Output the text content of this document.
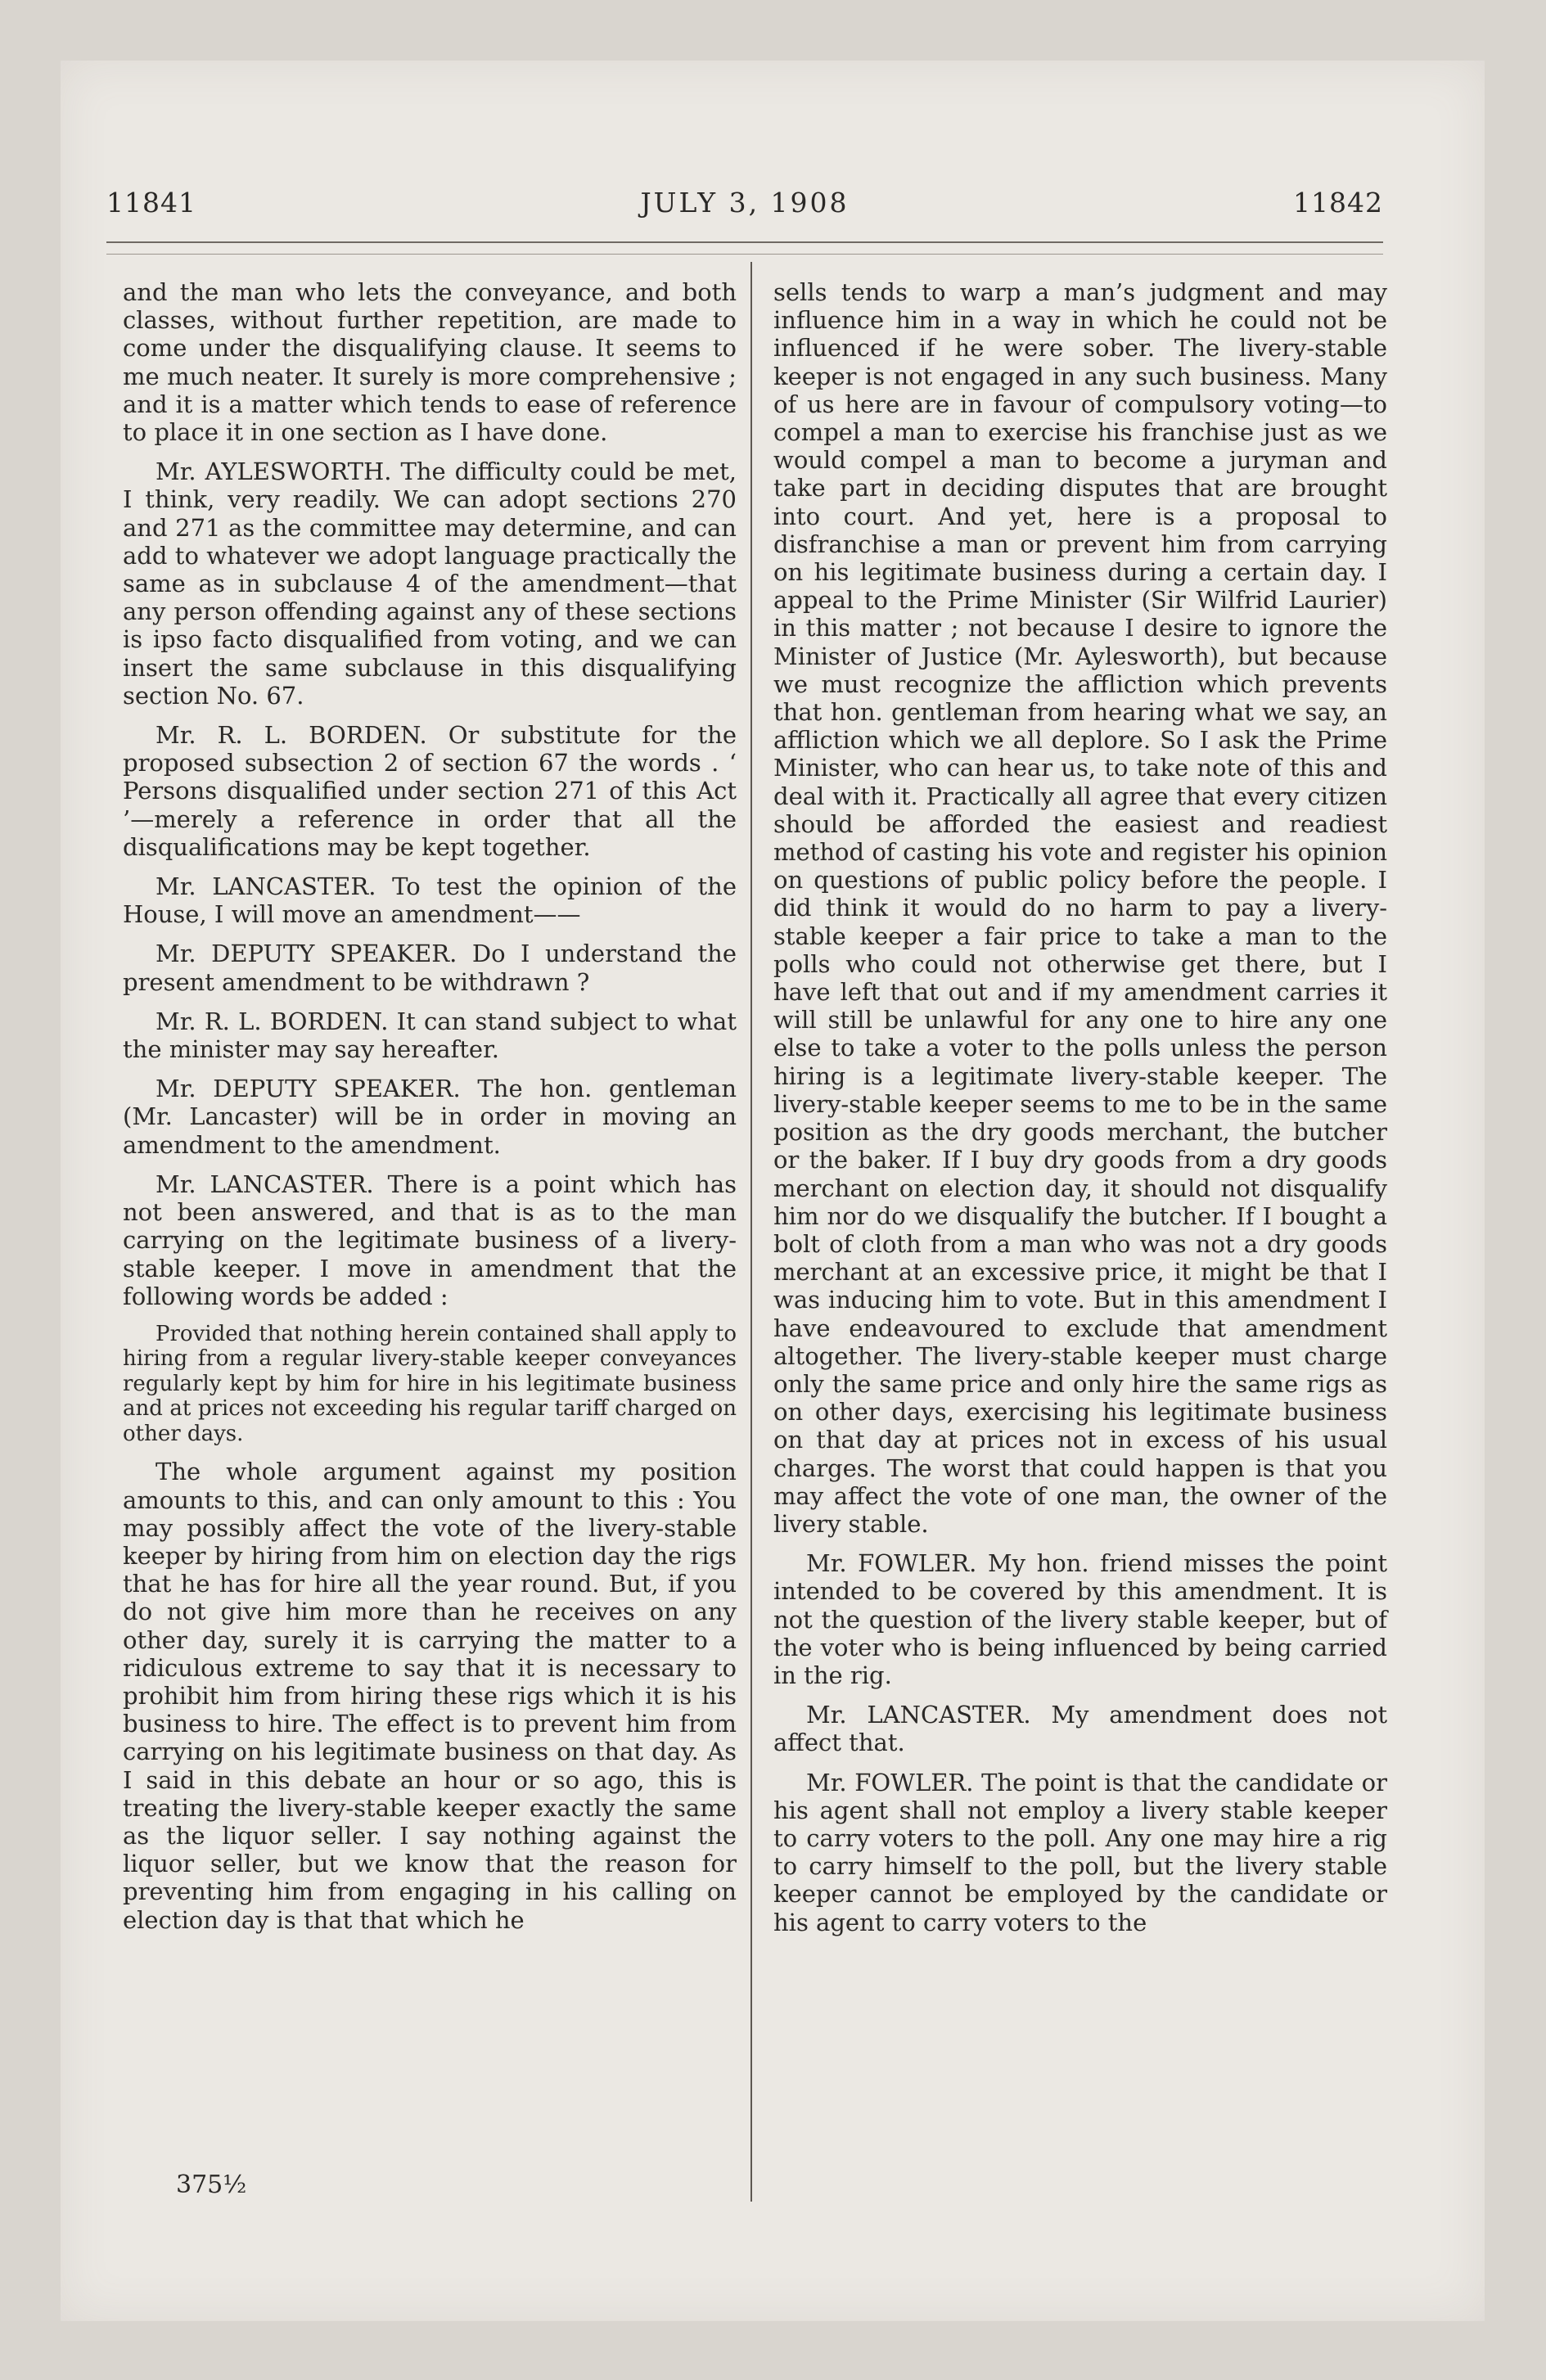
11841	JULY 3, 1908	11842

and the man who lets the conveyance, and both classes, without further repetition, are made to come under the disqualifying clause. It seems to me much neater. It surely is more comprehensive ; and it is a matter which tends to ease of reference to place it in one section as I have done.

Mr. AYLESWORTH. The difficulty could be met, I think, very readily. We can adopt sections 270 and 271 as the committee may determine, and can add to whatever we adopt language practically the same as in subclause 4 of the amendment—that any person offending against any of these sections is ipso facto disqualified from voting, and we can insert the same subclause in this disqualifying section No. 67.

Mr. R. L. BORDEN. Or substitute for the proposed subsection 2 of section 67 the words . ‘ Persons disqualified under section 271 of this Act ’—merely a reference in order that all the disqualifications may be kept together.

Mr. LANCASTER. To test the opinion of the House, I will move an amendment——

Mr. DEPUTY SPEAKER. Do I understand the present amendment to be withdrawn ?

Mr. R. L. BORDEN. It can stand subject to what the minister may say hereafter.

Mr. DEPUTY SPEAKER. The hon. gentleman (Mr. Lancaster) will be in order in moving an amendment to the amendment.

Mr. LANCASTER. There is a point which has not been answered, and that is as to the man carrying on the legitimate business of a livery-stable keeper. I move in amendment that the following words be added :

Provided that nothing herein contained shall apply to hiring from a regular livery-stable keeper conveyances regularly kept by him for hire in his legitimate business and at prices not exceeding his regular tariff charged on other days.

The whole argument against my position amounts to this, and can only amount to this : You may possibly affect the vote of the livery-stable keeper by hiring from him on election day the rigs that he has for hire all the year round. But, if you do not give him more than he receives on any other day, surely it is carrying the matter to a ridiculous extreme to say that it is necessary to prohibit him from hiring these rigs which it is his business to hire. The effect is to prevent him from carrying on his legitimate business on that day. As I said in this debate an hour or so ago, this is treating the livery-stable keeper exactly the same as the liquor seller. I say nothing against the liquor seller, but we know that the reason for preventing him from engaging in his calling on election day is that that which he

sells tends to warp a man’s judgment and may influence him in a way in which he could not be influenced if he were sober. The livery-stable keeper is not engaged in any such business. Many of us here are in favour of compulsory voting—to compel a man to exercise his franchise just as we would compel a man to become a juryman and take part in deciding disputes that are brought into court. And yet, here is a proposal to disfranchise a man or prevent him from carrying on his legitimate business during a certain day. I appeal to the Prime Minister (Sir Wilfrid Laurier) in this matter ; not because I desire to ignore the Minister of Justice (Mr. Aylesworth), but because we must recognize the affliction which prevents that hon. gentleman from hearing what we say, an affliction which we all deplore. So I ask the Prime Minister, who can hear us, to take note of this and deal with it. Practically all agree that every citizen should be afforded the easiest and readiest method of casting his vote and register his opinion on questions of public policy before the people. I did think it would do no harm to pay a livery-stable keeper a fair price to take a man to the polls who could not otherwise get there, but I have left that out and if my amendment carries it will still be unlawful for any one to hire any one else to take a voter to the polls unless the person hiring is a legitimate livery-stable keeper. The livery-stable keeper seems to me to be in the same position as the dry goods merchant, the butcher or the baker. If I buy dry goods from a dry goods merchant on election day, it should not disqualify him nor do we disqualify the butcher. If I bought a bolt of cloth from a man who was not a dry goods merchant at an excessive price, it might be that I was inducing him to vote. But in this amendment I have endeavoured to exclude that amendment altogether. The livery-stable keeper must charge only the same price and only hire the same rigs as on other days, exercising his legitimate business on that day at prices not in excess of his usual charges. The worst that could happen is that you may affect the vote of one man, the owner of the livery stable.

Mr. FOWLER. My hon. friend misses the point intended to be covered by this amendment. It is not the question of the livery stable keeper, but of the voter who is being influenced by being carried in the rig.

Mr. LANCASTER. My amendment does not affect that.

Mr. FOWLER. The point is that the candidate or his agent shall not employ a livery stable keeper to carry voters to the poll. Any one may hire a rig to carry himself to the poll, but the livery stable keeper cannot be employed by the candidate or his agent to carry voters to the

375½
